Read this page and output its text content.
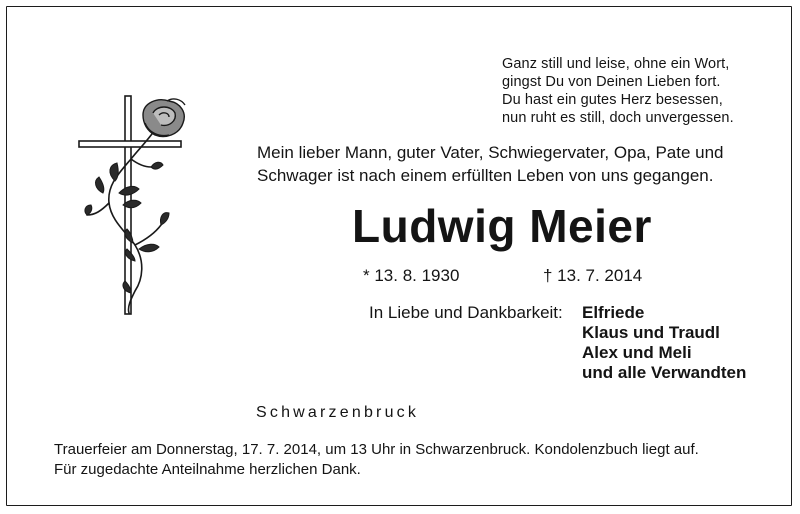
Ganz still und leise, ohne ein Wort,
gingst Du von Deinen Lieben fort.
Du hast ein gutes Herz besessen,
nun ruht es still, doch unvergessen.
Mein lieber Mann, guter Vater, Schwiegervater, Opa, Pate und
Schwager ist nach einem erfüllten Leben von uns gegangen.
Ludwig Meier
* 13. 8. 1930	† 13. 7. 2014
In Liebe und Dankbarkeit: Elfriede
Klaus und Traudl
Alex und Meli
und alle Verwandten
Schwarzenbruck
Trauerfeier am Donnerstag, 17. 7. 2014, um 13 Uhr in Schwarzenbruck. Kondolenzbuch liegt auf.
Für zugedachte Anteilnahme herzlichen Dank.
